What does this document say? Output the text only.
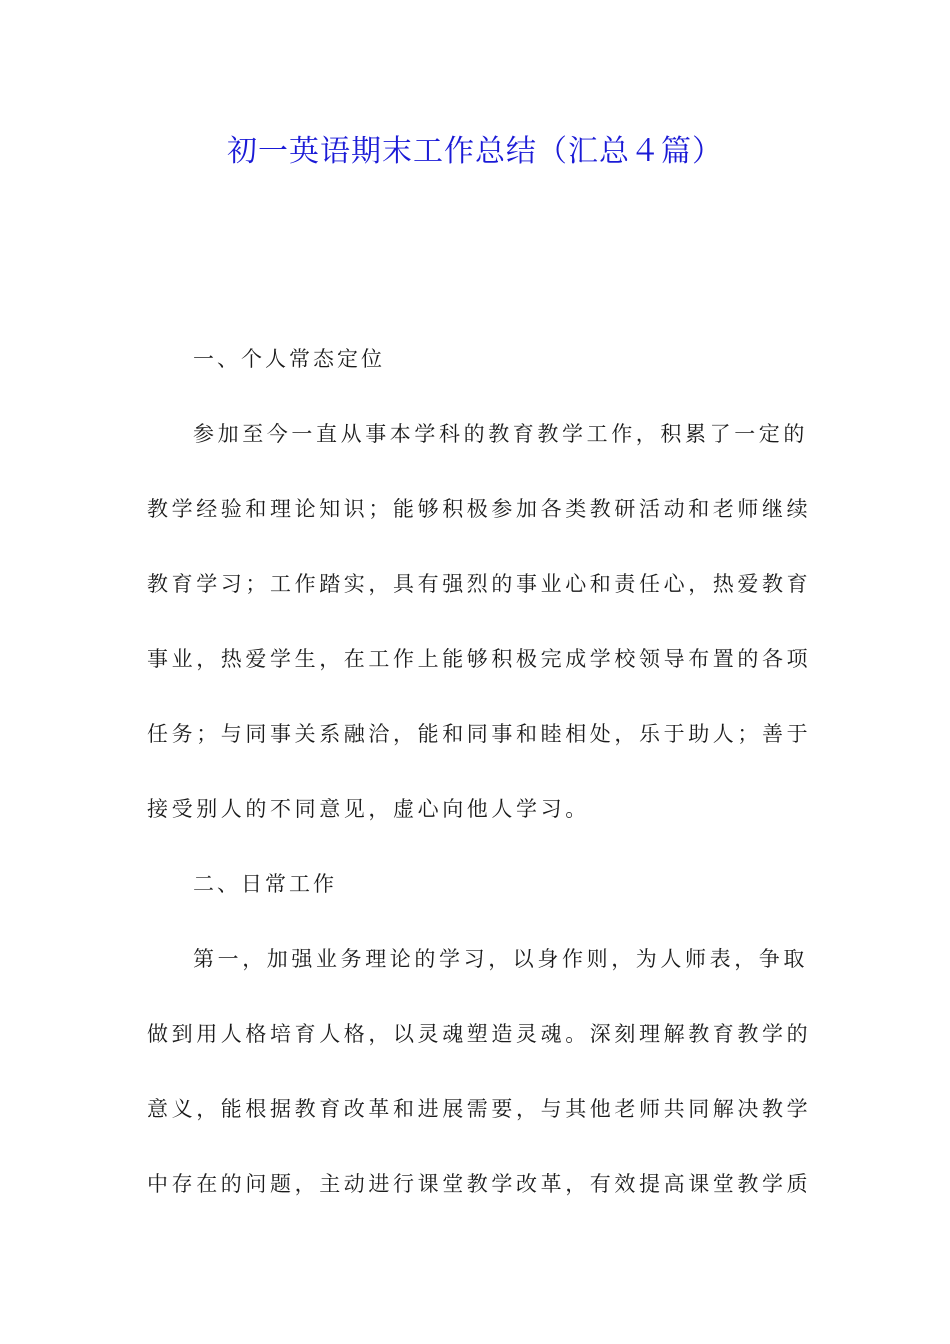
初一英语期末工作总结（汇总４篇）
一、个人常态定位
参加至今一直从事本学科的教育教学工作，积累了一定的
教学经验和理论知识；能够积极参加各类教研活动和老师继续
教育学习；工作踏实，具有强烈的事业心和责任心，热爱教育
事业，热爱学生，在工作上能够积极完成学校领导布置的各项
任务；与同事关系融洽，能和同事和睦相处，乐于助人；善于
接受别人的不同意见，虚心向他人学习。
二、日常工作
第一，加强业务理论的学习，以身作则，为人师表，争取
做到用人格培育人格，以灵魂塑造灵魂。深刻理解教育教学的
意义，能根据教育改革和进展需要，与其他老师共同解决教学
中存在的问题，主动进行课堂教学改革，有效提高课堂教学质
